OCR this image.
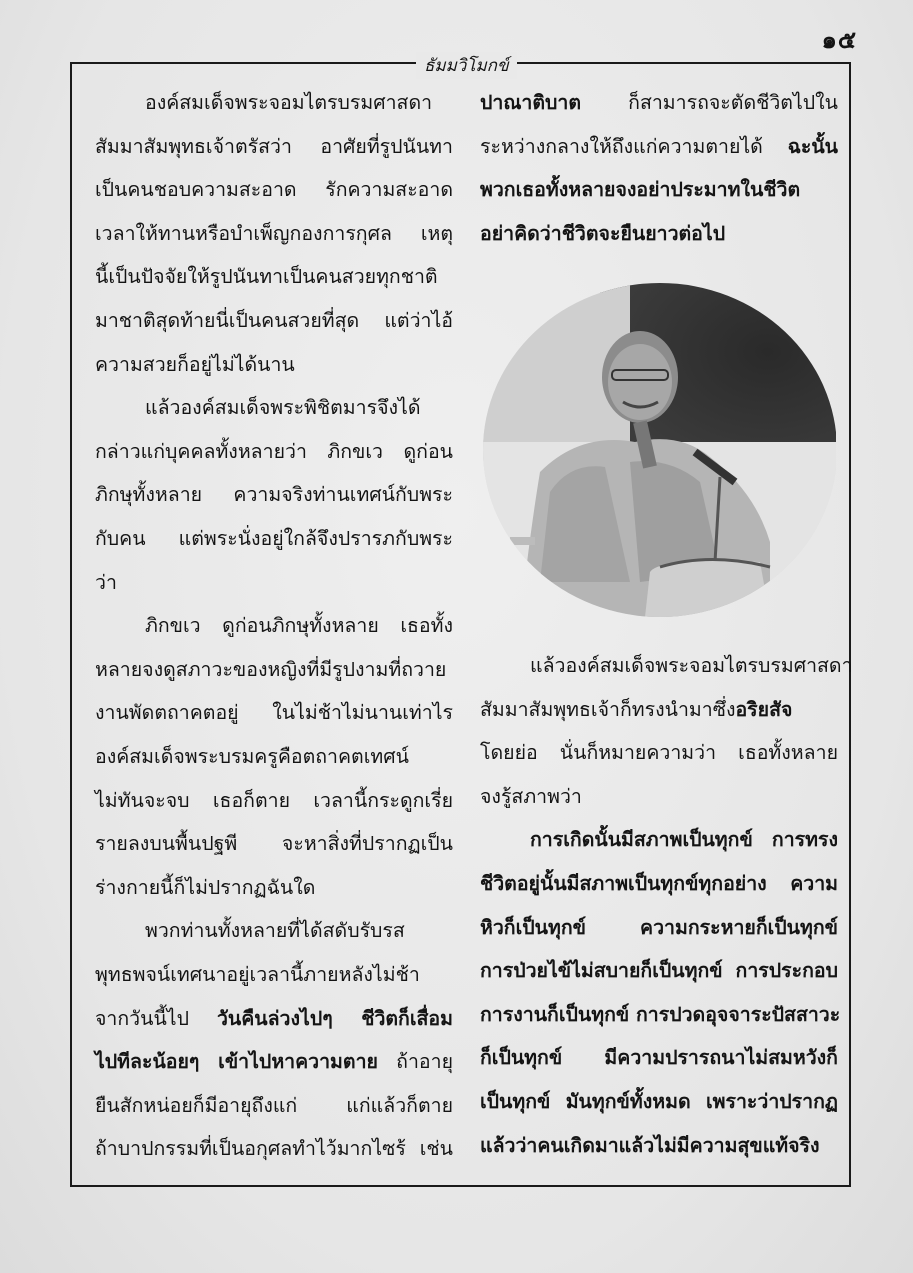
๑๕
ธัมมวิโมกข์
องค์สมเด็จพระจอมไตรบรมศาสดา
สัมมาสัมพุทธเจ้าตรัสว่า อาศัยที่รูปนันทา
เป็นคนชอบความสะอาด รักความสะอาด
เวลาให้ทานหรือบำเพ็ญกองการกุศล เหตุ
นี้เป็นปัจจัยให้รูปนันทาเป็นคนสวยทุกชาติ
มาชาติสุดท้ายนี่เป็นคนสวยที่สุด แต่ว่าไอ้
ความสวยก็อยู่ไม่ได้นาน
แล้วองค์สมเด็จพระพิชิตมารจึงได้
กล่าวแก่บุคคลทั้งหลายว่า ภิกขเว ดูก่อน
ภิกษุทั้งหลาย ความจริงท่านเทศน์กับพระ
กับคน แต่พระนั่งอยู่ใกล้จึงปรารภกับพระ
ว่า
ภิกขเว ดูก่อนภิกษุทั้งหลาย เธอทั้ง
หลายจงดูสภาวะของหญิงที่มีรูปงามที่ถวาย
งานพัดตถาคตอยู่ ในไม่ช้าไม่นานเท่าไร
องค์สมเด็จพระบรมครูคือตถาคตเทศน์
ไม่ทันจะจบ เธอก็ตาย เวลานี้กระดูกเรี่ย
รายลงบนพื้นปฐพี จะหาสิ่งที่ปรากฏเป็น
ร่างกายนี้ก็ไม่ปรากฏฉันใด
พวกท่านทั้งหลายที่ได้สดับรับรส
พุทธพจน์เทศนาอยู่เวลานี้ภายหลังไม่ช้า
จากวันนี้ไป วันคืนล่วงไปๆ ชีวิตก็เสื่อม
ไปทีละน้อยๆ เข้าไปหาความตาย ถ้าอายุ
ยืนสักหน่อยก็มีอายุถึงแก่ แก่แล้วก็ตาย
ถ้าบาปกรรมที่เป็นอกุศลทำไว้มากไซร้ เช่น
ปาณาติบาต ก็สามารถจะตัดชีวิตไปใน
ระหว่างกลางให้ถึงแก่ความตายได้ ฉะนั้น
พวกเธอทั้งหลายจงอย่าประมาทในชีวิต
อย่าคิดว่าชีวิตจะยืนยาวต่อไป
แล้วองค์สมเด็จพระจอมไตรบรมศาสดา
สัมมาสัมพุทธเจ้าก็ทรงนำมาซึ่งอริยสัจ
โดยย่อ นั่นก็หมายความว่า เธอทั้งหลาย
จงรู้สภาพว่า
การเกิดนั้นมีสภาพเป็นทุกข์ การทรง
ชีวิตอยู่นั้นมีสภาพเป็นทุกข์ทุกอย่าง ความ
หิวก็เป็นทุกข์ ความกระหายก็เป็นทุกข์
การป่วยไข้ไม่สบายก็เป็นทุกข์ การประกอบ
การงานก็เป็นทุกข์ การปวดอุจจาระปัสสาวะ
ก็เป็นทุกข์ มีความปรารถนาไม่สมหวังก็
เป็นทุกข์ มันทุกข์ทั้งหมด เพราะว่าปรากฏ
แล้วว่าคนเกิดมาแล้วไม่มีความสุขแท้จริง
